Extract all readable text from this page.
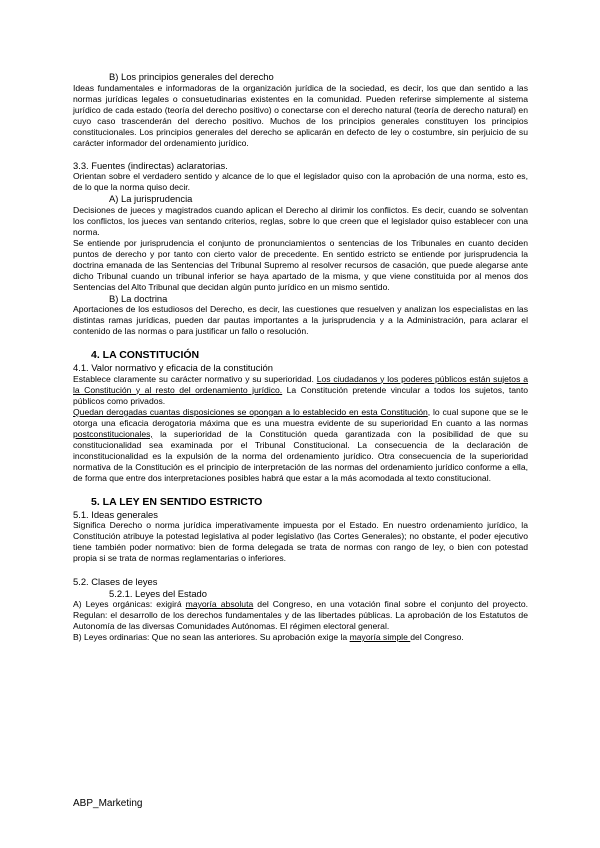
B) Los principios generales del derecho

Ideas fundamentales e informadoras de la organización jurídica de la sociedad, es decir, los que dan sentido a las normas jurídicas legales o consuetudinarias existentes en la comunidad. Pueden referirse simplemente al sistema jurídico de cada estado (teoría del derecho positivo) o conectarse con el derecho natural (teoría de derecho natural) en cuyo caso trascenderán del derecho positivo. Muchos de los principios generales constituyen los principios constitucionales. Los principios generales del derecho se aplicarán en defecto de ley o costumbre, sin perjuicio de su carácter informador del ordenamiento jurídico.

3.3. Fuentes (indirectas) aclaratorias.

Orientan sobre el verdadero sentido y alcance de lo que el legislador quiso con la aprobación de una norma, esto es, de lo que la norma quiso decir.

A) La jurisprudencia

Decisiones de jueces y magistrados cuando aplican el Derecho al dirimir los conflictos. Es decir, cuando se solventan los conflictos, los jueces van sentando criterios, reglas, sobre lo que creen que el legislador quiso establecer con una norma.

Se entiende por jurisprudencia el conjunto de pronunciamientos o sentencias de los Tribunales en cuanto deciden puntos de derecho y por tanto con cierto valor de precedente. En sentido estricto se entiende por jurisprudencia la doctrina emanada de las Sentencias del Tribunal Supremo al resolver recursos de casación, que puede alegarse ante dicho Tribunal cuando un tribunal inferior se haya apartado de la misma, y que viene constituida por al menos dos Sentencias del Alto Tribunal que decidan algún punto jurídico en un mismo sentido.

B) La doctrina

Aportaciones de los estudiosos del Derecho, es decir, las cuestiones que resuelven y analizan los especialistas en las distintas ramas jurídicas, pueden dar pautas importantes a la jurisprudencia y a la Administración, para aclarar el contenido de las normas o para justificar un fallo o resolución.

4. LA CONSTITUCIÓN
4.1. Valor normativo y eficacia de la constitución

Establece claramente su carácter normativo y su superioridad. Los ciudadanos y los poderes públicos están sujetos a la Constitución y al resto del ordenamiento jurídico. La Constitución pretende vincular a todos los sujetos, tanto públicos como privados.

Quedan derogadas cuantas disposiciones se opongan a lo establecido en esta Constitución, lo cual supone que se le otorga una eficacia derogatoria máxima que es una muestra evidente de su superioridad En cuanto a las normas postconstitucionales, la superioridad de la Constitución queda garantizada con la posibilidad de que su constitucionalidad sea examinada por el Tribunal Constitucional. La consecuencia de la declaración de inconstitucionalidad es la expulsión de la norma del ordenamiento jurídico. Otra consecuencia de la superioridad normativa de la Constitución es el principio de interpretación de las normas del ordenamiento jurídico conforme a ella, de forma que entre dos interpretaciones posibles habrá que estar a la más acomodada al texto constitucional.

5. LA LEY EN SENTIDO ESTRICTO
5.1. Ideas generales

Significa Derecho o norma jurídica imperativamente impuesta por el Estado. En nuestro ordenamiento jurídico, la Constitución atribuye la potestad legislativa al poder legislativo (las Cortes Generales); no obstante, el poder ejecutivo tiene también poder normativo: bien de forma delegada se trata de normas con rango de ley, o bien con potestad propia si se trata de normas reglamentarias o inferiores.

5.2. Clases de leyes
5.2.1. Leyes del Estado

A) Leyes orgánicas: exigirá mayoría absoluta del Congreso, en una votación final sobre el conjunto del proyecto. Regulan: el desarrollo de los derechos fundamentales y de las libertades públicas. La aprobación de los Estatutos de Autonomía de las diversas Comunidades Autónomas. El régimen electoral general.

B) Leyes ordinarias: Que no sean las anteriores. Su aprobación exige la mayoría simple del Congreso.

ABP_Marketing
